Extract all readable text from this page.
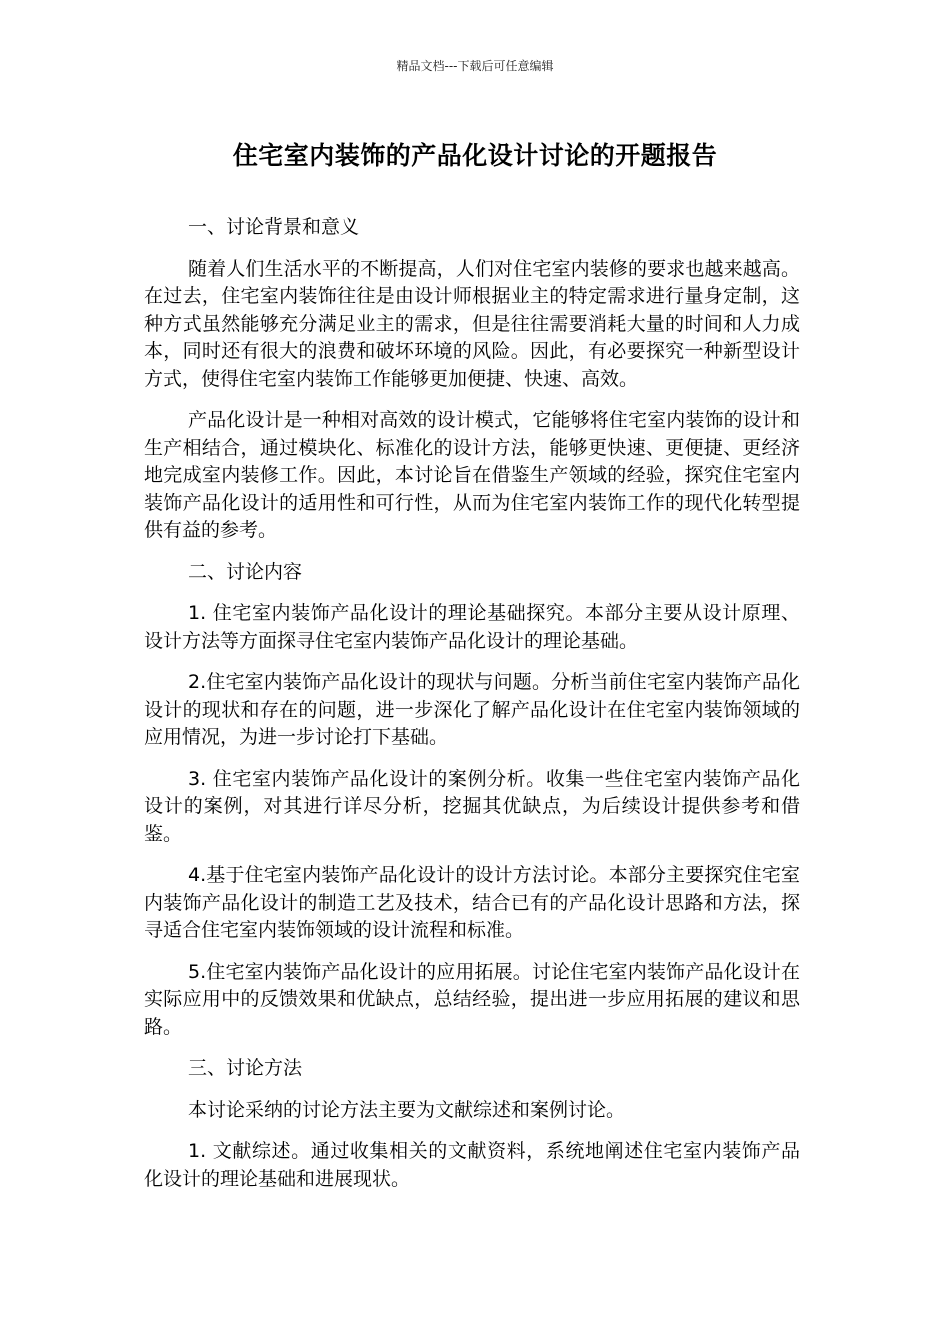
精品文档---下载后可任意编辑
住宅室内装饰的产品化设计讨论的开题报告

一、讨论背景和意义

随着人们生活水平的不断提高，人们对住宅室内装修的要求也越来越高。在过去，住宅室内装饰往往是由设计师根据业主的特定需求进行量身定制，这种方式虽然能够充分满足业主的需求，但是往往需要消耗大量的时间和人力成本，同时还有很大的浪费和破坏环境的风险。因此，有必要探究一种新型设计方式，使得住宅室内装饰工作能够更加便捷、快速、高效。

产品化设计是一种相对高效的设计模式，它能够将住宅室内装饰的设计和生产相结合，通过模块化、标准化的设计方法，能够更快速、更便捷、更经济地完成室内装修工作。因此，本讨论旨在借鉴生产领域的经验，探究住宅室内装饰产品化设计的适用性和可行性，从而为住宅室内装饰工作的现代化转型提供有益的参考。

二、讨论内容

1. 住宅室内装饰产品化设计的理论基础探究。本部分主要从设计原理、设计方法等方面探寻住宅室内装饰产品化设计的理论基础。

2.住宅室内装饰产品化设计的现状与问题。分析当前住宅室内装饰产品化设计的现状和存在的问题，进一步深化了解产品化设计在住宅室内装饰领域的应用情况，为进一步讨论打下基础。

3. 住宅室内装饰产品化设计的案例分析。收集一些住宅室内装饰产品化设计的案例，对其进行详尽分析，挖掘其优缺点，为后续设计提供参考和借鉴。

4.基于住宅室内装饰产品化设计的设计方法讨论。本部分主要探究住宅室内装饰产品化设计的制造工艺及技术，结合已有的产品化设计思路和方法，探寻适合住宅室内装饰领域的设计流程和标准。

5.住宅室内装饰产品化设计的应用拓展。讨论住宅室内装饰产品化设计在实际应用中的反馈效果和优缺点，总结经验，提出进一步应用拓展的建议和思路。

三、讨论方法

本讨论采纳的讨论方法主要为文献综述和案例讨论。

1. 文献综述。通过收集相关的文献资料，系统地阐述住宅室内装饰产品化设计的理论基础和进展现状。
